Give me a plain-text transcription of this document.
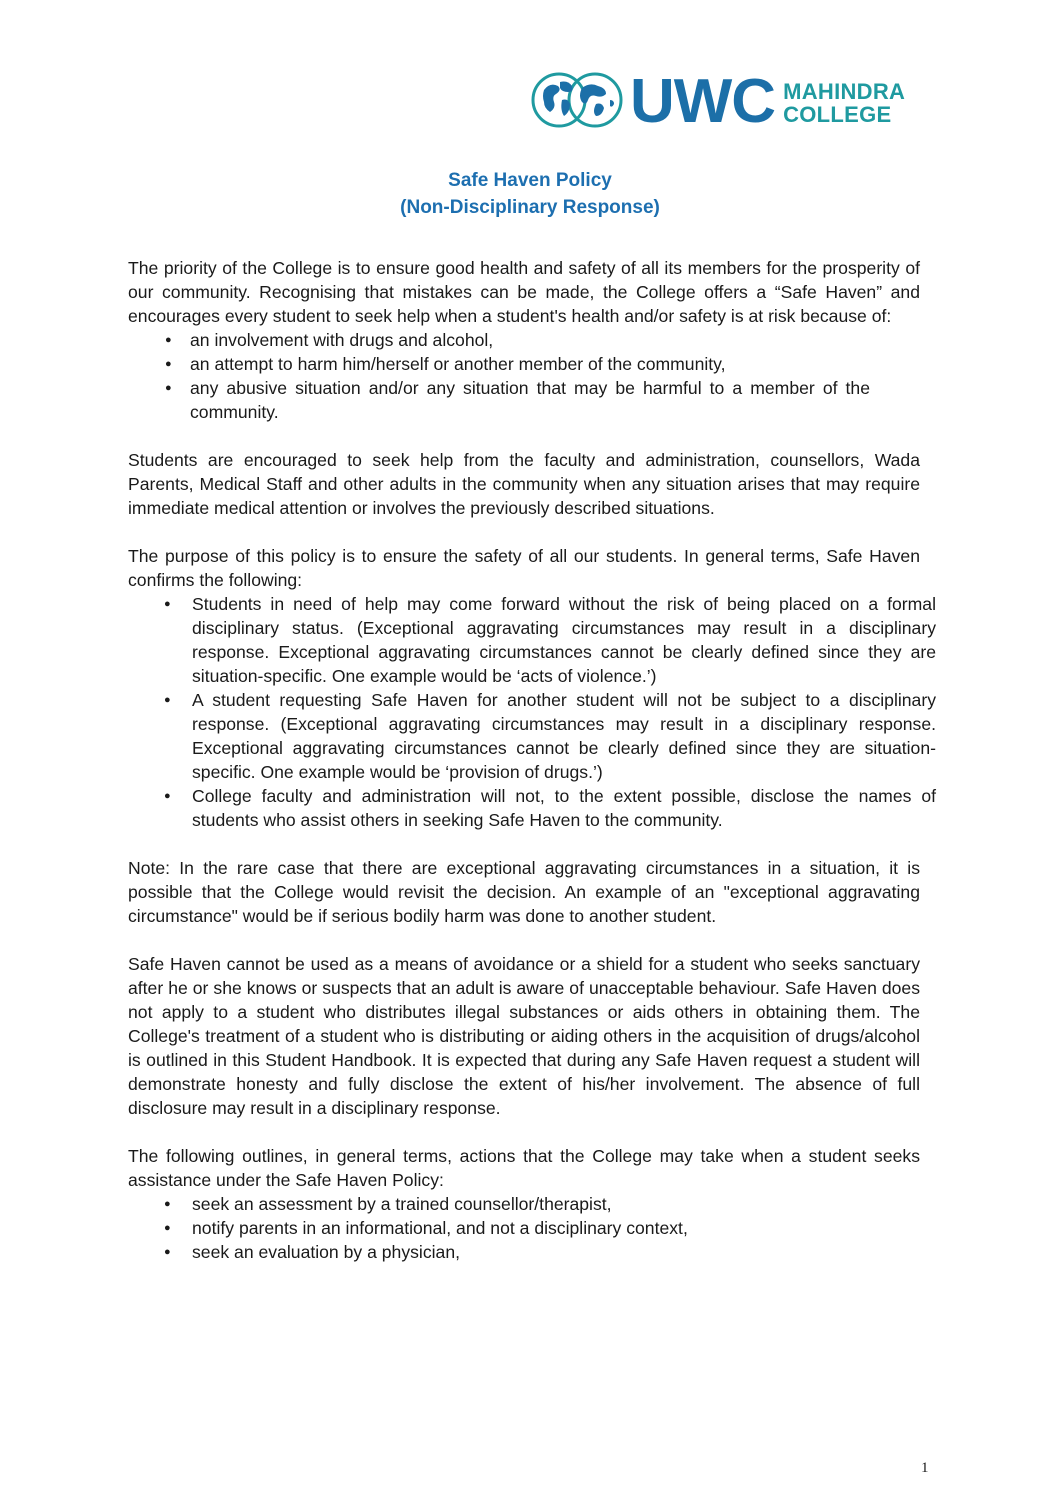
UWC MAHINDRA
COLLEGE
Safe Haven Policy
(Non-Disciplinary Response)

The priority of the College is to ensure good health and safety of all its members for the prosperity of our community. Recognising that mistakes can be made, the College offers a “Safe Haven” and encourages every student to seek help when a student's health and/or safety is at risk because of:

● an involvement with drugs and alcohol,
● an attempt to harm him/herself or another member of the community,
● any abusive situation and/or any situation that may be harmful to a member of the community.

Students are encouraged to seek help from the faculty and administration, counsellors, Wada Parents, Medical Staff and other adults in the community when any situation arises that may require immediate medical attention or involves the previously described situations.

The purpose of this policy is to ensure the safety of all our students. In general terms, Safe Haven confirms the following:

● Students in need of help may come forward without the risk of being placed on a formal disciplinary status. (Exceptional aggravating circumstances may result in a disciplinary response. Exceptional aggravating circumstances cannot be clearly defined since they are situation-specific. One example would be ‘acts of violence.’)
● A student requesting Safe Haven for another student will not be subject to a disciplinary response. (Exceptional aggravating circumstances may result in a disciplinary response. Exceptional aggravating circumstances cannot be clearly defined since they are situation-specific. One example would be ‘provision of drugs.’)
● College faculty and administration will not, to the extent possible, disclose the names of students who assist others in seeking Safe Haven to the community.

Note: In the rare case that there are exceptional aggravating circumstances in a situation, it is possible that the College would revisit the decision. An example of an "exceptional aggravating circumstance" would be if serious bodily harm was done to another student.

Safe Haven cannot be used as a means of avoidance or a shield for a student who seeks sanctuary after he or she knows or suspects that an adult is aware of unacceptable behaviour. Safe Haven does not apply to a student who distributes illegal substances or aids others in obtaining them. The College's treatment of a student who is distributing or aiding others in the acquisition of drugs/alcohol is outlined in this Student Handbook. It is expected that during any Safe Haven request a student will demonstrate honesty and fully disclose the extent of his/her involvement. The absence of full disclosure may result in a disciplinary response.

The following outlines, in general terms, actions that the College may take when a student seeks assistance under the Safe Haven Policy:

● seek an assessment by a trained counsellor/therapist,
● notify parents in an informational, and not a disciplinary context,
● seek an evaluation by a physician,
1
